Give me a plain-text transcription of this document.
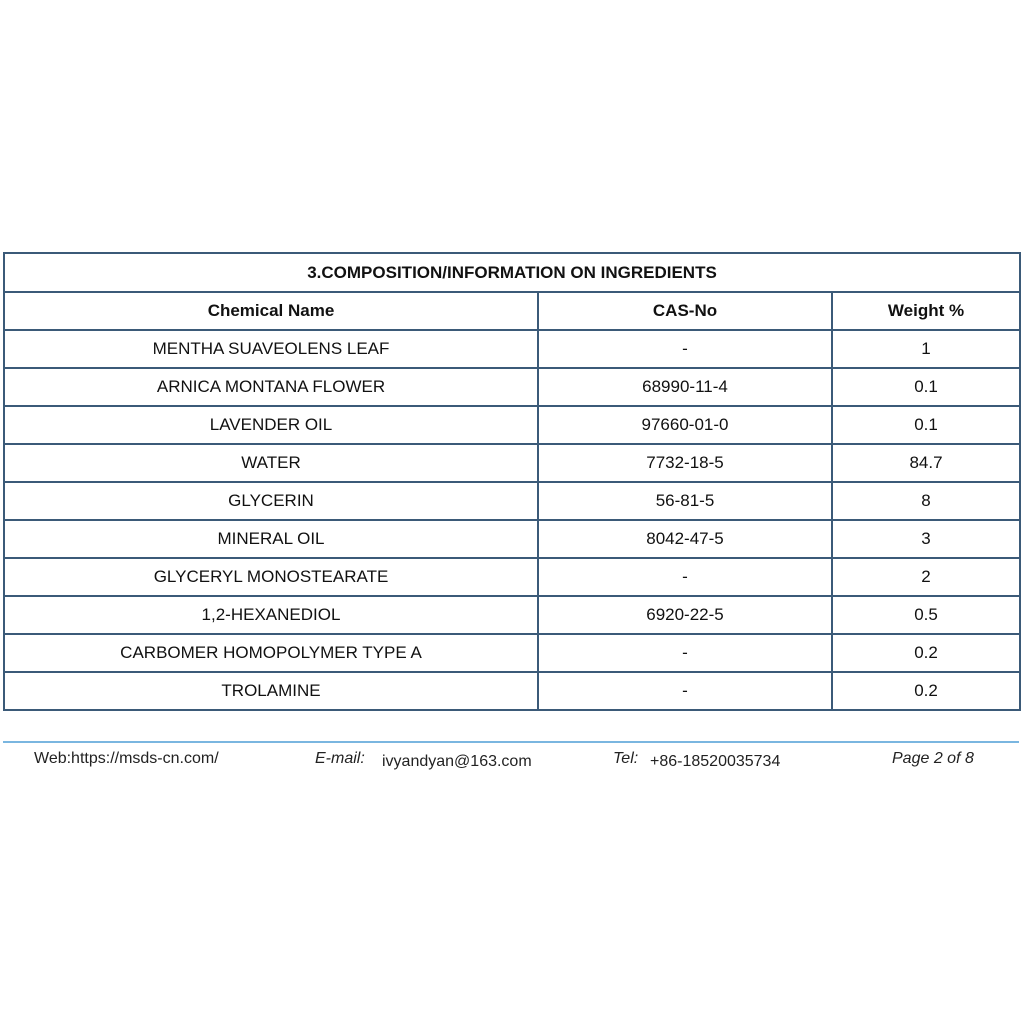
3.COMPOSITION/INFORMATION ON INGREDIENTS		
Chemical Name	CAS-No	Weight %
MENTHA SUAVEOLENS LEAF	-	1
ARNICA MONTANA FLOWER	68990-11-4	0.1
LAVENDER OIL	97660-01-0	0.1
WATER	7732-18-5	84.7
GLYCERIN	56-81-5	8
MINERAL OIL	8042-47-5	3
GLYCERYL MONOSTEARATE	-	2
1,2-HEXANEDIOL	6920-22-5	0.5
CARBOMER HOMOPOLYMER TYPE A	-	0.2
TROLAMINE	-	0.2
Web:https://msds-cn.com/	E-mail: ivyandyan@163.com	Tel: +86-18520035734	Page 2 of 8
